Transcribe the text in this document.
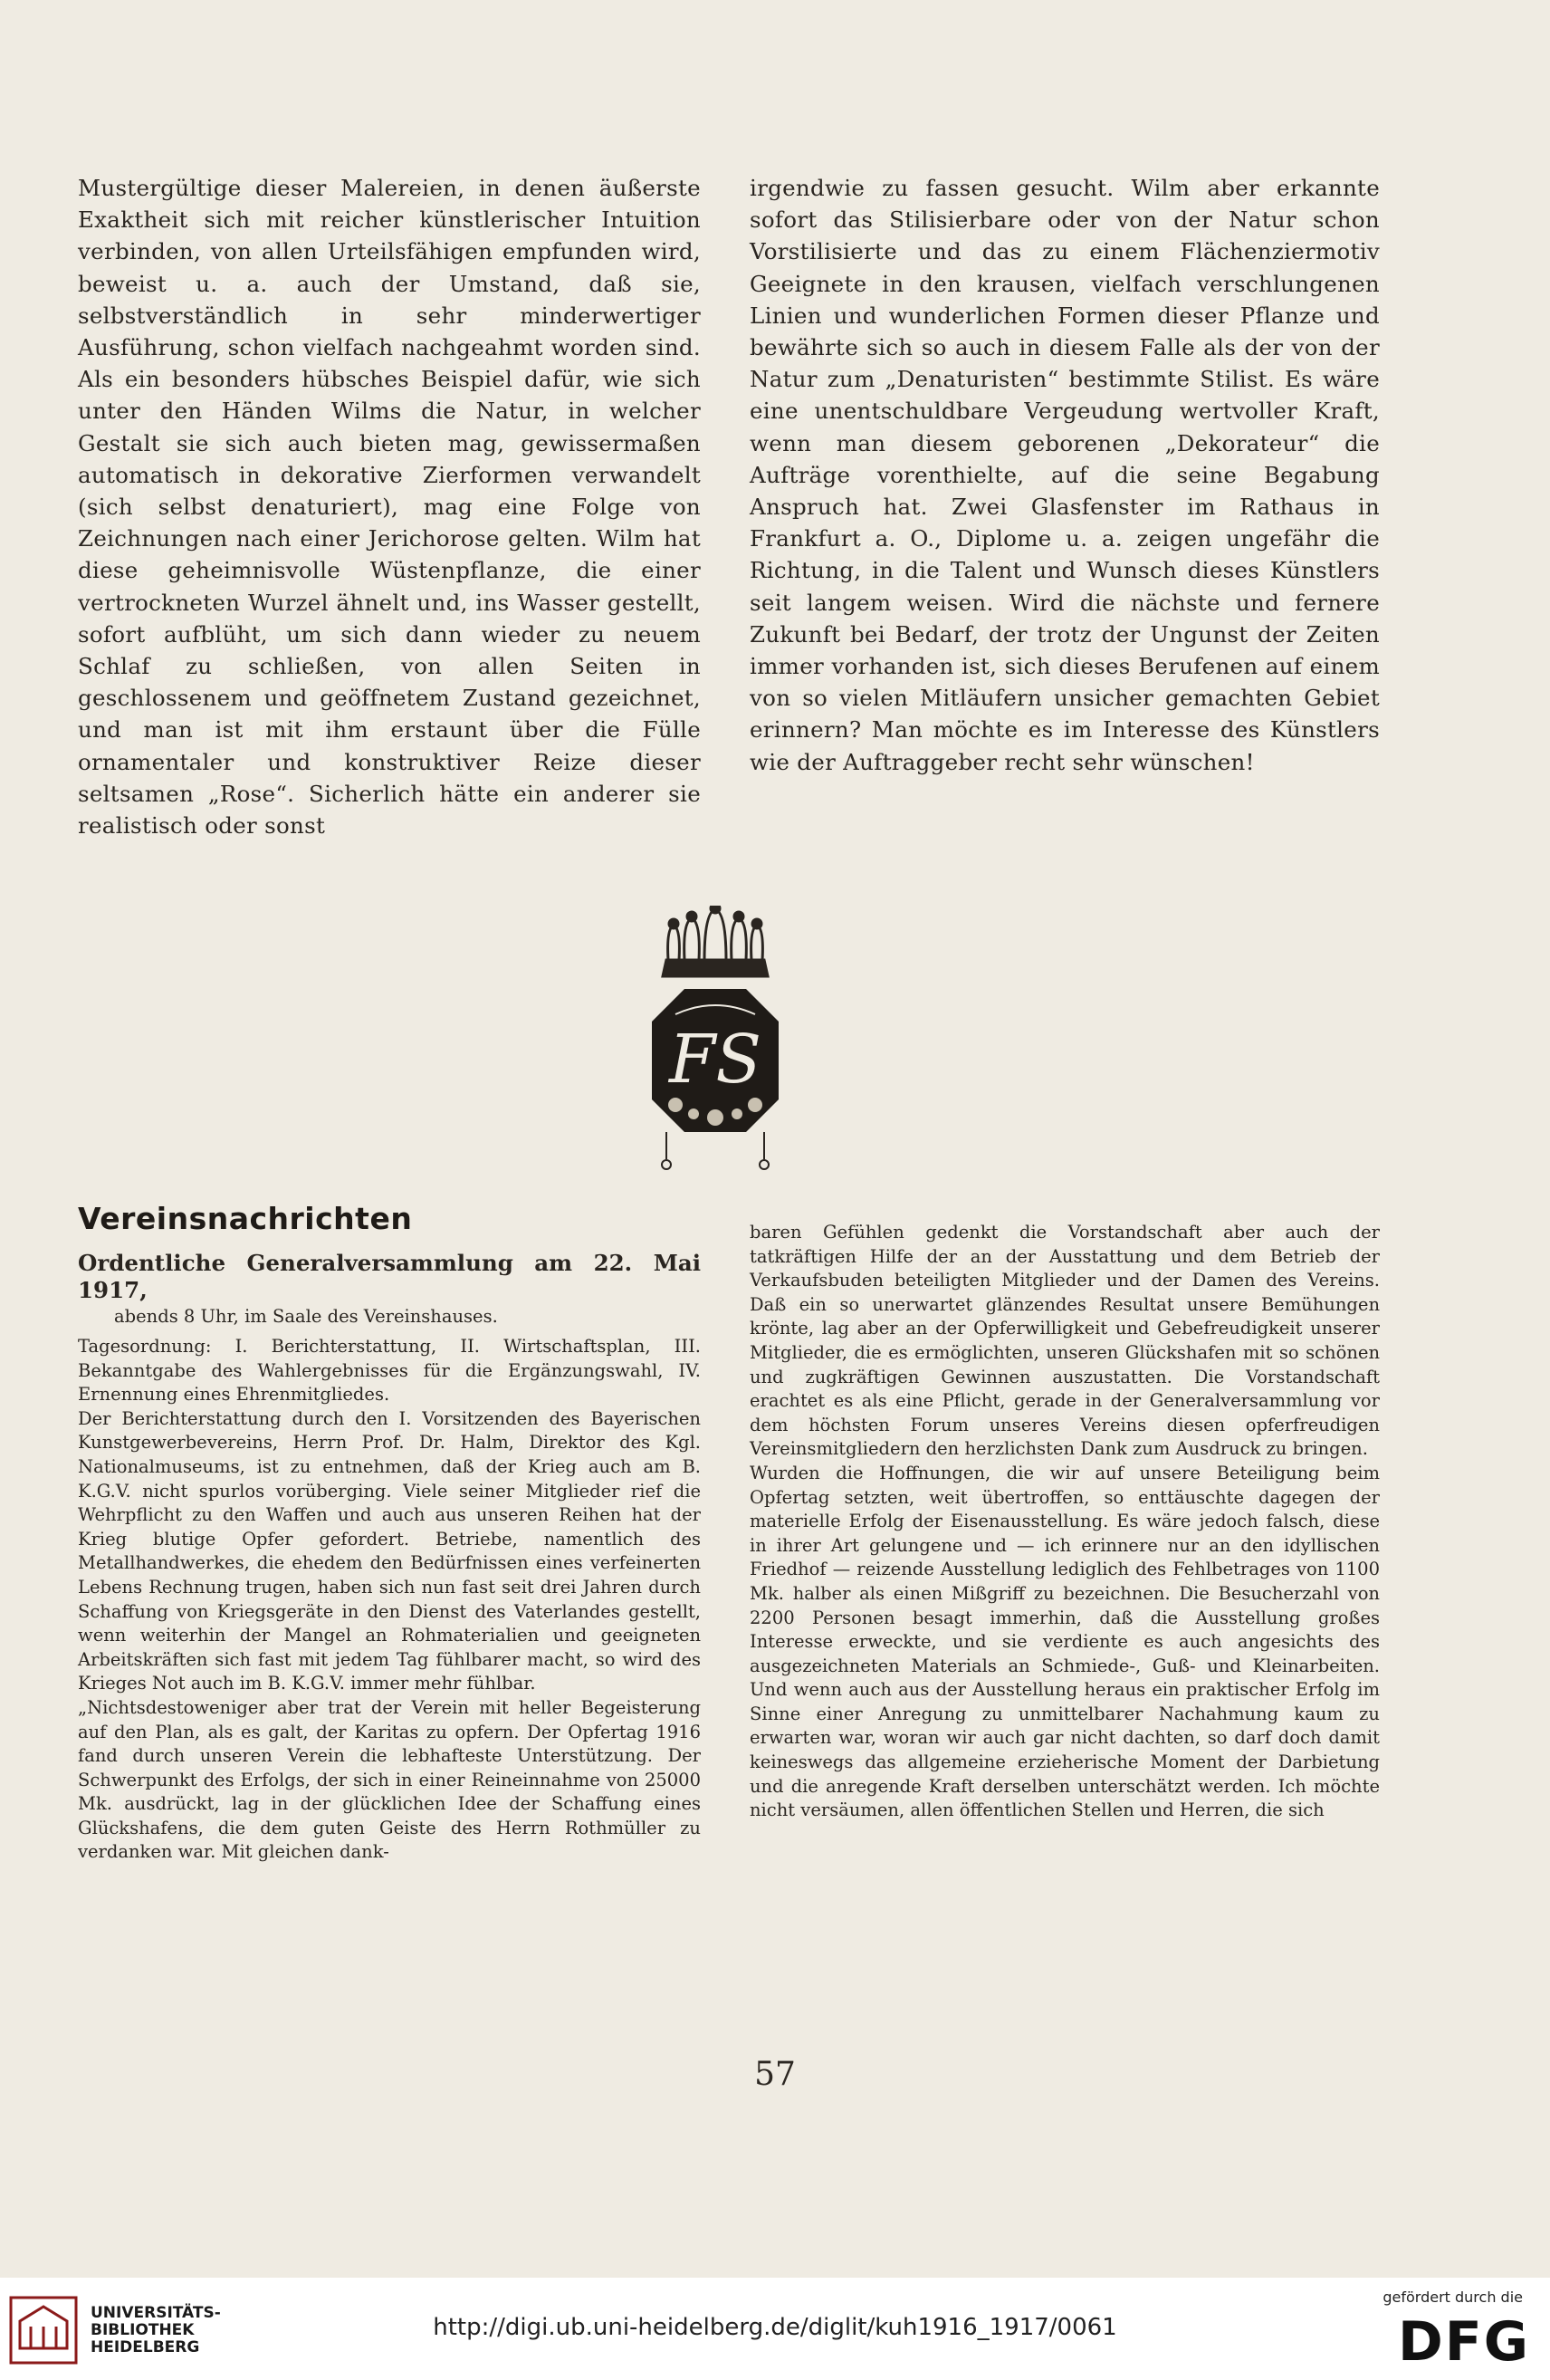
Mustergültige dieser Malereien, in denen äußerste Exaktheit sich mit reicher künstlerischer Intuition verbinden, von allen Urteilsfähigen empfunden wird, beweist u. a. auch der Umstand, daß sie, selbstverständlich in sehr minderwertiger Ausführung, schon vielfach nachgeahmt worden sind. Als ein besonders hübsches Beispiel dafür, wie sich unter den Händen Wilms die Natur, in welcher Gestalt sie sich auch bieten mag, gewissermaßen automatisch in dekorative Zierformen verwandelt (sich selbst denaturiert), mag eine Folge von Zeichnungen nach einer Jerichorose gelten. Wilm hat diese geheimnisvolle Wüstenpflanze, die einer vertrockneten Wurzel ähnelt und, ins Wasser gestellt, sofort aufblüht, um sich dann wieder zu neuem Schlaf zu schließen, von allen Seiten in geschlossenem und geöffnetem Zustand gezeichnet, und man ist mit ihm erstaunt über die Fülle ornamentaler und konstruktiver Reize dieser seltsamen „Rose“. Sicherlich hätte ein anderer sie realistisch oder sonst

irgendwie zu fassen gesucht. Wilm aber erkannte sofort das Stilisierbare oder von der Natur schon Vorstilisierte und das zu einem Flächenziermotiv Geeignete in den krausen, vielfach verschlungenen Linien und wunderlichen Formen dieser Pflanze und bewährte sich so auch in diesem Falle als der von der Natur zum „Denaturisten“ bestimmte Stilist. Es wäre eine unentschuldbare Vergeudung wertvoller Kraft, wenn man diesem geborenen „Dekorateur“ die Aufträge vorenthielte, auf die seine Begabung Anspruch hat. Zwei Glasfenster im Rathaus in Frankfurt a. O., Diplome u. a. zeigen ungefähr die Richtung, in die Talent und Wunsch dieses Künstlers seit langem weisen. Wird die nächste und fernere Zukunft bei Bedarf, der trotz der Ungunst der Zeiten immer vorhanden ist, sich dieses Berufenen auf einem von so vielen Mitläufern unsicher gemachten Gebiet erinnern? Man möchte es im Interesse des Künstlers wie der Auftraggeber recht sehr wünschen!

FS
Vereinsnachrichten

Ordentliche Generalversammlung am 22. Mai 1917,

abends 8 Uhr, im Saale des Vereinshauses.

Tagesordnung: I. Berichterstattung, II. Wirtschaftsplan, III. Bekanntgabe des Wahlergebnisses für die Ergänzungswahl, IV. Ernennung eines Ehrenmitgliedes.

Der Berichterstattung durch den I. Vorsitzenden des Bayerischen Kunstgewerbevereins, Herrn Prof. Dr. Halm, Direktor des Kgl. Nationalmuseums, ist zu entnehmen, daß der Krieg auch am B. K.G.V. nicht spurlos vorüberging. Viele seiner Mitglieder rief die Wehrpflicht zu den Waffen und auch aus unseren Reihen hat der Krieg blutige Opfer gefordert. Betriebe, namentlich des Metallhandwerkes, die ehedem den Bedürfnissen eines verfeinerten Lebens Rechnung trugen, haben sich nun fast seit drei Jahren durch Schaffung von Kriegsgeräte in den Dienst des Vaterlandes gestellt, wenn weiterhin der Mangel an Rohmaterialien und geeigneten Arbeitskräften sich fast mit jedem Tag fühlbarer macht, so wird des Krieges Not auch im B. K.G.V. immer mehr fühlbar.

„Nichtsdestoweniger aber trat der Verein mit heller Begeisterung auf den Plan, als es galt, der Karitas zu opfern. Der Opfertag 1916 fand durch unseren Verein die lebhafteste Unterstützung. Der Schwerpunkt des Erfolgs, der sich in einer Reineinnahme von 25000 Mk. ausdrückt, lag in der glücklichen Idee der Schaffung eines Glückshafens, die dem guten Geiste des Herrn Rothmüller zu verdanken war. Mit gleichen dank-

baren Gefühlen gedenkt die Vorstandschaft aber auch der tatkräftigen Hilfe der an der Ausstattung und dem Betrieb der Verkaufsbuden beteiligten Mitglieder und der Damen des Vereins. Daß ein so unerwartet glänzendes Resultat unsere Bemühungen krönte, lag aber an der Opferwilligkeit und Gebefreudigkeit unserer Mitglieder, die es ermöglichten, unseren Glückshafen mit so schönen und zugkräftigen Gewinnen auszustatten. Die Vorstandschaft erachtet es als eine Pflicht, gerade in der Generalversammlung vor dem höchsten Forum unseres Vereins diesen opferfreudigen Vereinsmitgliedern den herzlichsten Dank zum Ausdruck zu bringen.

Wurden die Hoffnungen, die wir auf unsere Beteiligung beim Opfertag setzten, weit übertroffen, so enttäuschte dagegen der materielle Erfolg der Eisenausstellung. Es wäre jedoch falsch, diese in ihrer Art gelungene und — ich erinnere nur an den idyllischen Friedhof — reizende Ausstellung lediglich des Fehlbetrages von 1100 Mk. halber als einen Mißgriff zu bezeichnen. Die Besucherzahl von 2200 Personen besagt immerhin, daß die Ausstellung großes Interesse erweckte, und sie verdiente es auch angesichts des ausgezeichneten Materials an Schmiede-, Guß- und Kleinarbeiten. Und wenn auch aus der Ausstellung heraus ein praktischer Erfolg im Sinne einer Anregung zu unmittelbarer Nachahmung kaum zu erwarten war, woran wir auch gar nicht dachten, so darf doch damit keineswegs das allgemeine erzieherische Moment der Darbietung und die anregende Kraft derselben unterschätzt werden. Ich möchte nicht versäumen, allen öffentlichen Stellen und Herren, die sich

57
UNIVERSITÄTS-
BIBLIOTHEK
HEIDELBERG
http://digi.ub.uni-heidelberg.de/diglit/kuh1916_1917/0061
gefördert durch die
DFG
